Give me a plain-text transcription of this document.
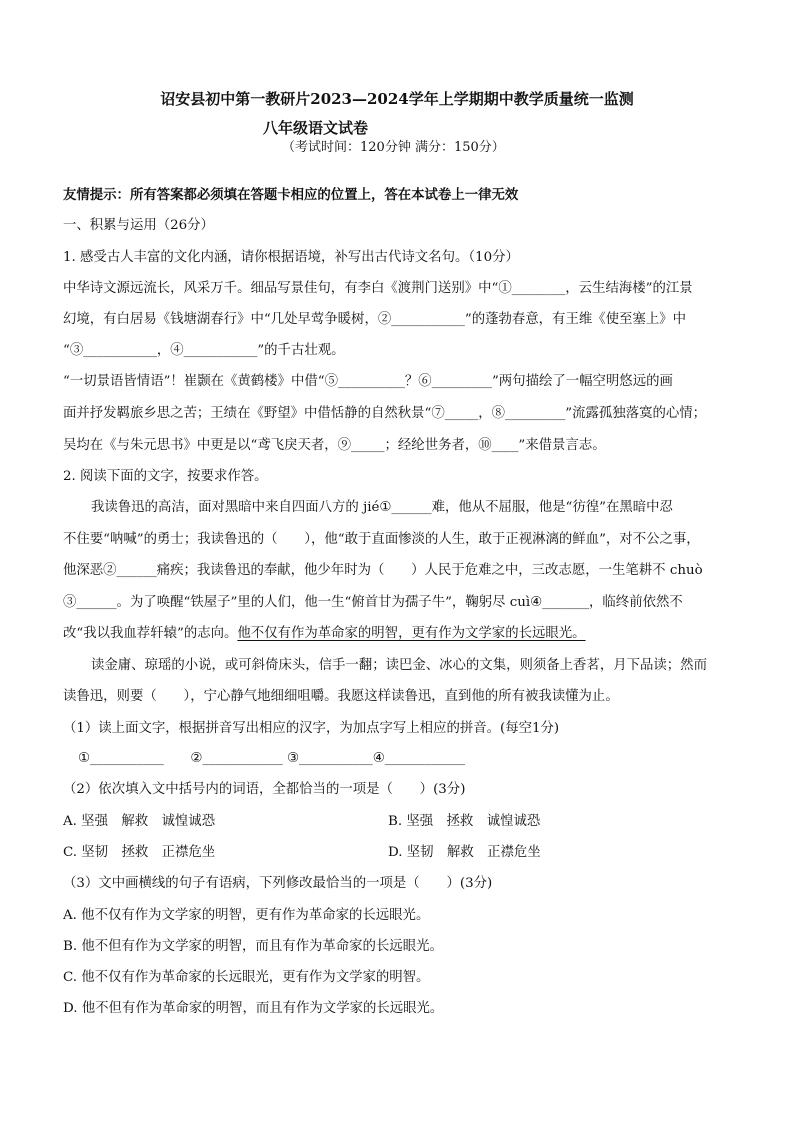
诏安县初中第一教研片2023—2024学年上学期期中教学质量统一监测
八年级语文试卷
（考试时间：120分钟 满分：150分）
友情提示：所有答案都必须填在答题卡相应的位置上，答在本试卷上一律无效
一、积累与运用（26分）
1. 感受古人丰富的文化内涵，请你根据语境，补写出古代诗文名句。（10分）
中华诗文源远流长，风采万千。细品写景佳句，有李白《渡荆门送别》中“①________，云生结海楼”的江景
幻境，有白居易《钱塘湖春行》中“几处早莺争暖树，②___________”的蓬勃春意，有王维《使至塞上》中
“③___________，④___________”的千古壮观。
“一切景语皆情语”！崔颢在《黄鹤楼》中借“⑤__________？⑥_________”两句描绘了一幅空明悠远的画
面并抒发羁旅乡思之苦；王绩在《野望》中借恬静的自然秋景“⑦_____，⑧_________”流露孤独落寞的心情；
吴均在《与朱元思书》中更是以“鸢飞戾天者，⑨_____；经纶世务者，⑩____”来借景言志。
2. 阅读下面的文字，按要求作答。
我读鲁迅的高洁，面对黑暗中来自四面八方的 jié①______难，他从不屈服，他是“彷徨”在黑暗中忍
不住要“呐喊”的勇士；我读鲁迅的（　　），他“敢于直面惨淡的人生，敢于正视淋漓的鲜血”，对不公之事，
他深恶②______痛疾；我读鲁迅的奉献，他少年时为（　　）人民于危难之中，三改志愿，一生笔耕不 chuò
③______。为了唤醒“铁屋子”里的人们，他一生“俯首甘为孺子牛”，鞠躬尽 cuì④_______，临终前依然不
改“我以我血荐轩辕”的志向。他不仅有作为革命家的明智，更有作为文学家的长远眼光。
读金庸、琼瑶的小说，或可斜倚床头，信手一翻；读巴金、冰心的文集，则须备上香茗，月下品读；然而
读鲁迅，则要（　　），宁心静气地细细咀嚼。我愿这样读鲁迅，直到他的所有被我读懂为止。
（1）读上面文字，根据拼音写出相应的汉字，为加点字写上相应的拼音。(每空1分)
①___________　　②____________ ③___________④____________
（2）依次填入文中括号内的词语，全都恰当的一项是（　　）(3分)
A. 坚强　解救　诚惶诚恐	B. 坚强　拯救　诚惶诚恐
C. 坚韧　拯救　正襟危坐	D. 坚韧　解救　正襟危坐
（3）文中画横线的句子有语病，下列修改最恰当的一项是（　　）(3分)
A. 他不仅有作为文学家的明智，更有作为革命家的长远眼光。
B. 他不但有作为文学家的明智，而且有作为革命家的长远眼光。
C. 他不仅有作为革命家的长远眼光，更有作为文学家的明智。
D. 他不但有作为革命家的明智，而且有作为文学家的长远眼光。
